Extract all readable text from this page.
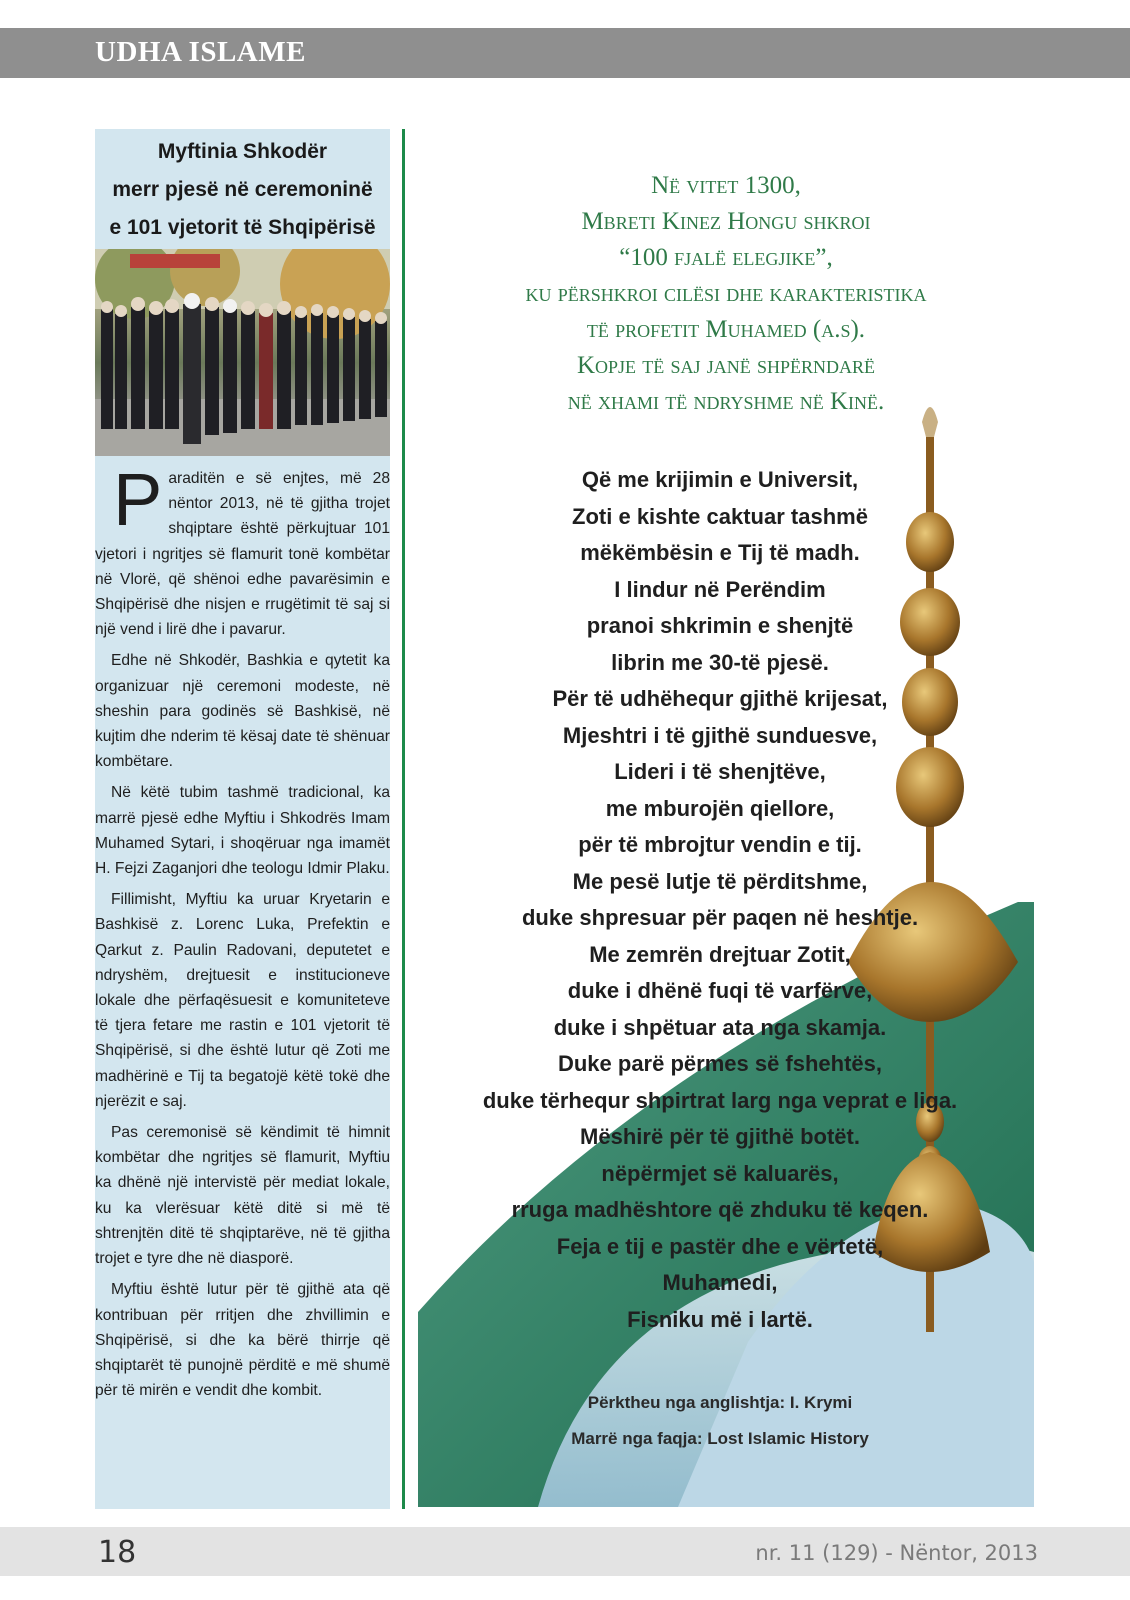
UDHA ISLAME
Myftinia Shkodër
merr pjesë në ceremoninë
e 101 vjetorit të Shqipërisë

Paraditën e së enjtes, më 28 nëntor 2013, në të gjitha trojet shqiptare është përkujtuar 101 vjetori i ngritjes së flamurit tonë kombëtar në Vlorë, që shënoi edhe pavarësimin e Shqipërisë dhe nisjen e rrugëtimit të saj si një vend i lirë dhe i pavarur.

Edhe në Shkodër, Bashkia e qytetit ka organizuar një ceremoni modeste, në sheshin para godinës së Bashkisë, në kujtim dhe nderim të kësaj date të shënuar kombëtare.

Në këtë tubim tashmë tradicional, ka marrë pjesë edhe Myftiu i Shkodrës Imam Muhamed Sytari, i shoqëruar nga imamët H. Fejzi Zaganjori dhe teologu Idmir Plaku.

Fillimisht, Myftiu ka uruar Kryetarin e Bashkisë z. Lorenc Luka, Prefektin e Qarkut z. Paulin Radovani, deputetet e ndryshëm, drejtuesit e institucioneve lokale dhe përfaqësuesit e komuniteteve të tjera fetare me rastin e 101 vjetorit të Shqipërisë, si dhe është lutur që Zoti me madhërinë e Tij ta begatojë këtë tokë dhe njerëzit e saj.

Pas ceremonisë së këndimit të himnit kombëtar dhe ngritjes së flamurit, Myftiu ka dhënë një intervistë për mediat lokale, ku ka vlerësuar këtë ditë si më të shtrenjtën ditë të shqiptarëve, në të gjitha trojet e tyre dhe në diasporë.

Myftiu është lutur për të gjithë ata që kontribuan për rritjen dhe zhvillimin e Shqipërisë, si dhe ka bërë thirrje që shqiptarët të punojnë përditë e më shumë për të mirën e vendit dhe kombit.

Në vitet 1300,
Mbreti Kinez Hongu shkroi
“100 fjalë elegjike”,
ku përshkroi cilësi dhe karakteristika
të profetit Muhamed (a.s).
Kopje të saj janë shpërndarë
në xhami të ndryshme në Kinë.
Që me krijimin e Universit,
Zoti e kishte caktuar tashmë
mëkëmbësin e Tij të madh.
I lindur në Perëndim
pranoi shkrimin e shenjtë
librin me 30-të pjesë.
Për të udhëhequr gjithë krijesat,
Mjeshtri i të gjithë sunduesve,
Lideri i të shenjtëve,
me mburojën qiellore,
për të mbrojtur vendin e tij.
Me pesë lutje të përditshme,
duke shpresuar për paqen në heshtje.
Me zemrën drejtuar Zotit,
duke i dhënë fuqi të varfërve,
duke i shpëtuar ata nga skamja.
Duke parë përmes së fshehtës,
duke tërhequr shpirtrat larg nga veprat e liga.
Mëshirë për të gjithë botët.
nëpërmjet së kaluarës,
rruga madhështore që zhduku të keqen.
Feja e tij e pastër dhe e vërtetë,
Muhamedi,
Fisniku më i lartë.
Përktheu nga anglishtja: I. Krymi
Marrë nga faqja: Lost Islamic History
18	nr. 11 (129) - Nëntor, 2013
